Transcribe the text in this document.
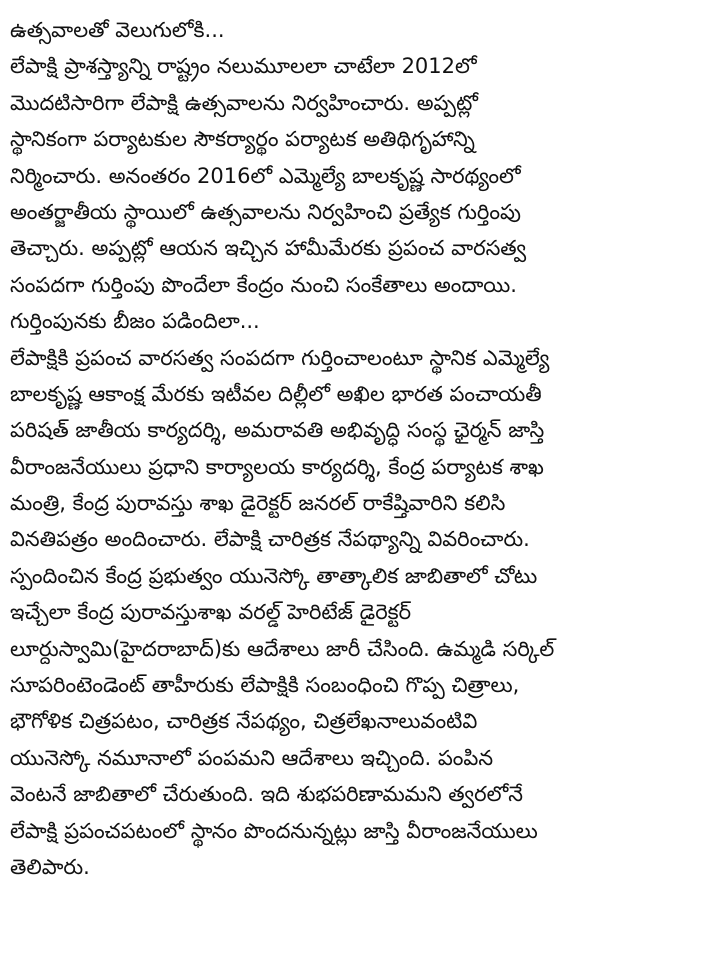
ఉత్సవాలతో వెలుగులోకి...
లేపాక్షి ప్రాశస్త్యాన్ని రాష్ట్రం నలుమూలలా చాటేలా 2012లో
మొదటిసారిగా లేపాక్షి ఉత్సవాలను నిర్వహించారు. అప్పట్లో
స్థానికంగా పర్యాటకుల సౌకర్యార్థం పర్యాటక అతిథిగృహాన్ని
నిర్మించారు. అనంతరం 2016లో ఎమ్మెల్యే బాలకృష్ణ సారథ్యంలో
అంతర్జాతీయ స్థాయిలో ఉత్సవాలను నిర్వహించి ప్రత్యేక గుర్తింపు
తెచ్చారు. అప్పట్లో ఆయన ఇచ్చిన హామీమేరకు ప్రపంచ వారసత్వ
సంపదగా గుర్తింపు పొందేలా కేంద్రం నుంచి సంకేతాలు అందాయి.
గుర్తింపునకు బీజం పడిందిలా...
లేపాక్షికి ప్రపంచ వారసత్వ సంపదగా గుర్తించాలంటూ స్థానిక ఎమ్మెల్యే
బాలకృష్ణ ఆకాంక్ష మేరకు ఇటీవల దిల్లీలో అఖిల భారత పంచాయతీ
పరిషత్ జాతీయ కార్యదర్శి, అమరావతి అభివృద్ధి సంస్థ ఛైర్మన్ జాస్తి
వీరాంజనేయులు ప్రధాని కార్యాలయ కార్యదర్శి, కేంద్ర పర్యాటక శాఖ
మంత్రి, కేంద్ర పురావస్తు శాఖ డైరెక్టర్ జనరల్ రాకేష్తివారిని కలిసి
వినతిపత్రం అందించారు. లేపాక్షి చారిత్రక నేపథ్యాన్ని వివరించారు.
స్పందించిన కేంద్ర ప్రభుత్వం యునెస్కో తాత్కాలిక జాబితాలో చోటు
ఇచ్చేలా కేంద్ర పురావస్తుశాఖ వరల్డ్ హెరిటేజ్ డైరెక్టర్
లూర్దుస్వామి(హైదరాబాద్)కు ఆదేశాలు జారీ చేసింది. ఉమ్మడి సర్కిల్
సూపరింటెండెంట్ తాహీరుకు లేపాక్షికి సంబంధించి గొప్ప చిత్రాలు,
భౌగోళిక చిత్రపటం, చారిత్రక నేపథ్యం, చిత్రలేఖనాలువంటివి
యునెస్కో నమూనాలో పంపమని ఆదేశాలు ఇచ్చింది. పంపిన
వెంటనే జాబితాలో చేరుతుంది. ఇది శుభపరిణామమని త్వరలోనే
లేపాక్షి ప్రపంచపటంలో స్థానం పొందనున్నట్లు జాస్తి వీరాంజనేయులు
తెలిపారు.
